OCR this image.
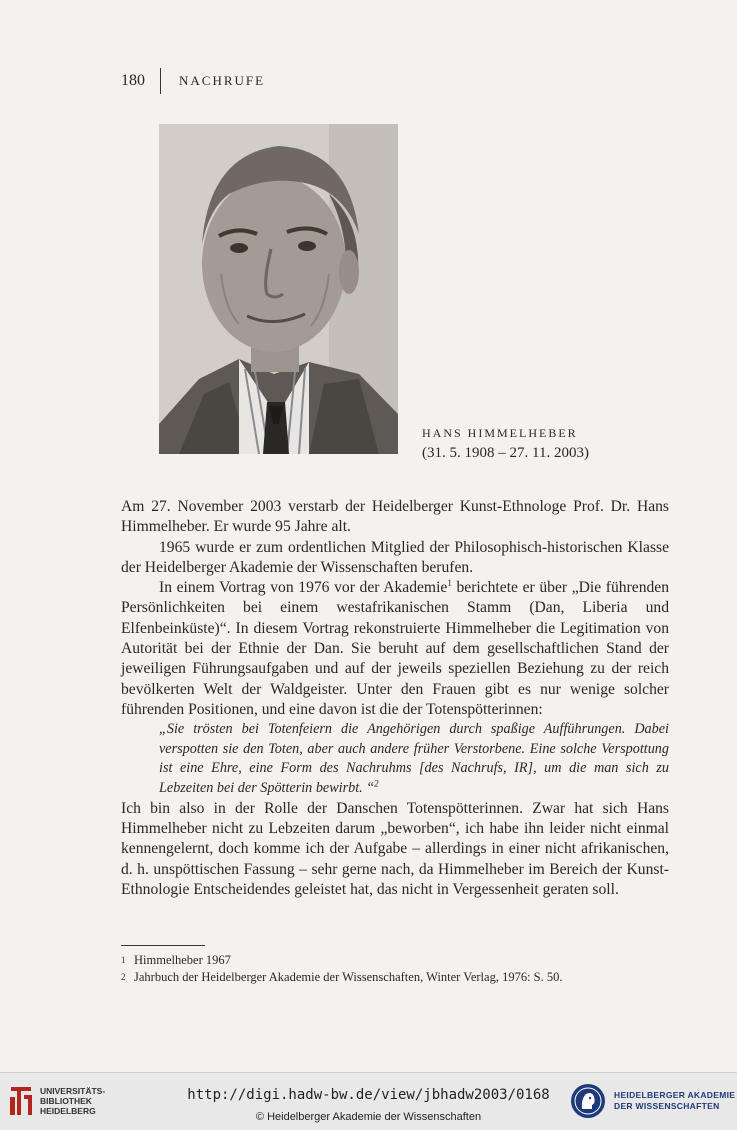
180	NACHRUFE
HANS HIMMELHEBER
(31. 5. 1908 – 27. 11. 2003)

Am 27. November 2003 verstarb der Heidelberger Kunst-Ethnologe Prof. Dr. Hans Himmelheber. Er wurde 95 Jahre alt.

1965 wurde er zum ordentlichen Mitglied der Philosophisch-historischen Klasse der Heidelberger Akademie der Wissenschaften berufen.

In einem Vortrag von 1976 vor der Akademie$^1$ berichtete er über „Die führenden Persönlichkeiten bei einem westafrikanischen Stamm (Dan, Liberia und Elfenbeinküste)“. In diesem Vortrag rekonstruierte Himmelheber die Legitimation von Autorität bei der Ethnie der Dan. Sie beruht auf dem gesellschaftlichen Stand der jeweiligen Führungsaufgaben und auf der jeweils speziellen Beziehung zu der reich bevölkerten Welt der Waldgeister. Unter den Frauen gibt es nur wenige solcher führenden Positionen, und eine davon ist die der Totenspötterinnen:

„Sie trösten bei Totenfeiern die Angehörigen durch spaßige Aufführungen. Dabei verspotten sie den Toten, aber auch andere früher Verstorbene. Eine solche Verspottung ist eine Ehre, eine Form des Nachruhms [des Nachrufs, IR], um die man sich zu Lebzeiten bei der Spötterin bewirbt. “$^2$

Ich bin also in der Rolle der Danschen Totenspötterinnen. Zwar hat sich Hans Himmelheber nicht zu Lebzeiten darum „beworben“, ich habe ihn leider nicht einmal kennengelernt, doch komme ich der Aufgabe – allerdings in einer nicht afrikanischen, d. h. unspöttischen Fassung – sehr gerne nach, da Himmelheber im Bereich der Kunst-Ethnologie Entscheidendes geleistet hat, das nicht in Vergessenheit geraten soll.

1 Himmelheber 1967
2 Jahrbuch der Heidelberger Akademie der Wissenschaften, Winter Verlag, 1976: S. 50.
UNIVERSITÄTS-
BIBLIOTHEK
HEIDELBERG
http://digi.hadw-bw.de/view/jbhadw2003/0168
© Heidelberger Akademie der Wissenschaften
HEIDELBERGER AKADEMIE
DER WISSENSCHAFTEN
